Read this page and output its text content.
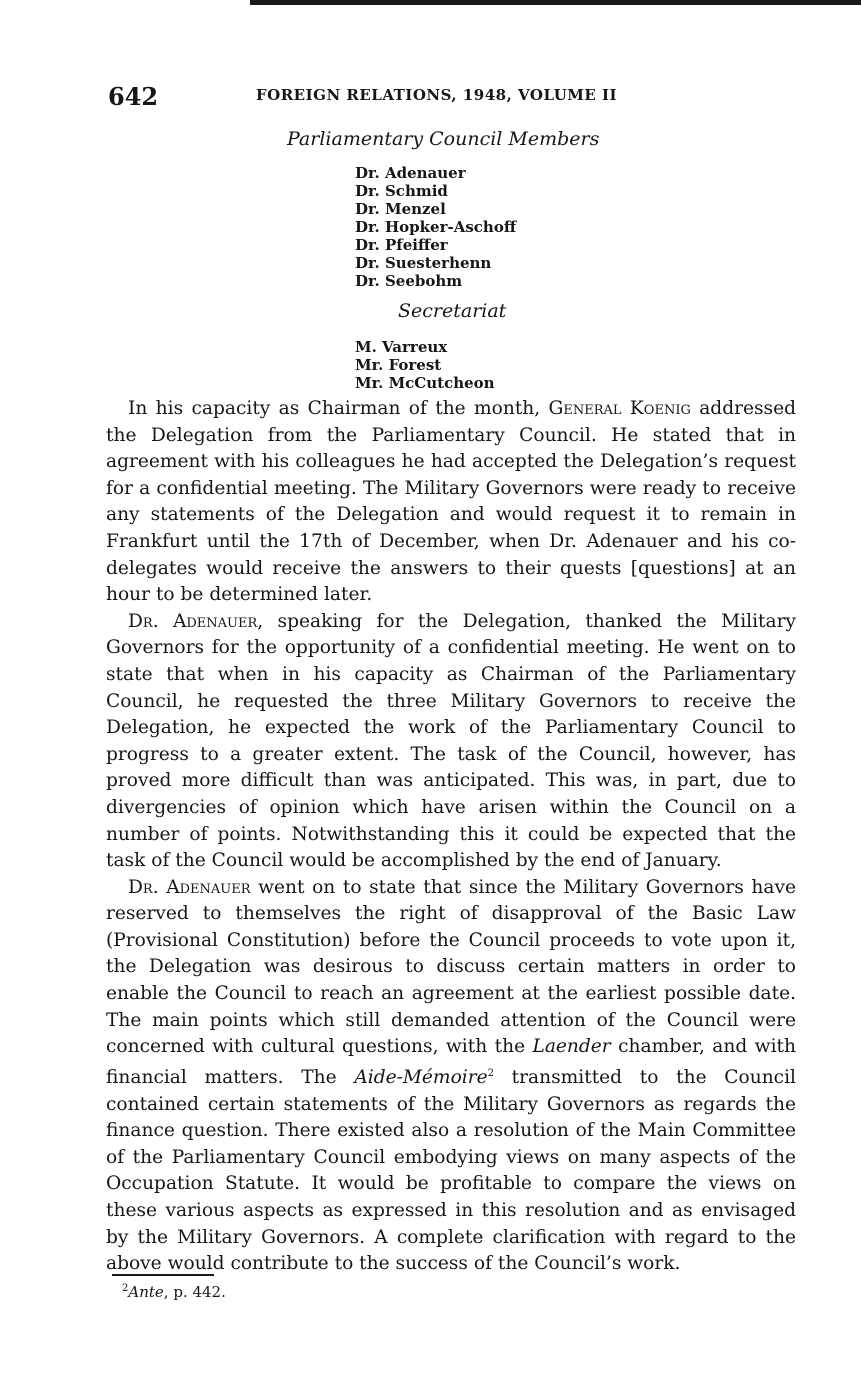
642	FOREIGN RELATIONS, 1948, VOLUME II
Parliamentary Council Members
Dr. Adenauer
Dr. Schmid
Dr. Menzel
Dr. Hopker-Aschoff
Dr. Pfeiffer
Dr. Suesterhenn
Dr. Seebohm
Secretariat
M. Varreux
Mr. Forest
Mr. McCutcheon

In his capacity as Chairman of the month, General Koenig addressed the Delegation from the Parliamentary Council. He stated that in agreement with his colleagues he had accepted the Delegation’s request for a confidential meeting. The Military Governors were ready to receive any statements of the Delegation and would request it to remain in Frankfurt until the 17th of December, when Dr. Adenauer and his co-delegates would receive the answers to their quests [questions] at an hour to be determined later.

Dr. Adenauer, speaking for the Delegation, thanked the Military Governors for the opportunity of a confidential meeting. He went on to state that when in his capacity as Chairman of the Parliamentary Council, he requested the three Military Governors to receive the Delegation, he expected the work of the Parliamentary Council to progress to a greater extent. The task of the Council, however, has proved more difficult than was anticipated. This was, in part, due to divergencies of opinion which have arisen within the Council on a number of points. Notwithstanding this it could be expected that the task of the Council would be accomplished by the end of January.

Dr. Adenauer went on to state that since the Military Governors have reserved to themselves the right of disapproval of the Basic Law (Provisional Constitution) before the Council proceeds to vote upon it, the Delegation was desirous to discuss certain matters in order to enable the Council to reach an agreement at the earliest possible date. The main points which still demanded attention of the Council were concerned with cultural questions, with the Laender chamber, and with financial matters. The Aide-Mémoire$^2$ transmitted to the Council contained certain statements of the Military Governors as regards the finance question. There existed also a resolution of the Main Committee of the Parliamentary Council embodying views on many aspects of the Occupation Statute. It would be profitable to compare the views on these various aspects as expressed in this resolution and as envisaged by the Military Governors. A complete clarification with regard to the above would contribute to the success of the Council’s work.

$^2$Ante, p. 442.
